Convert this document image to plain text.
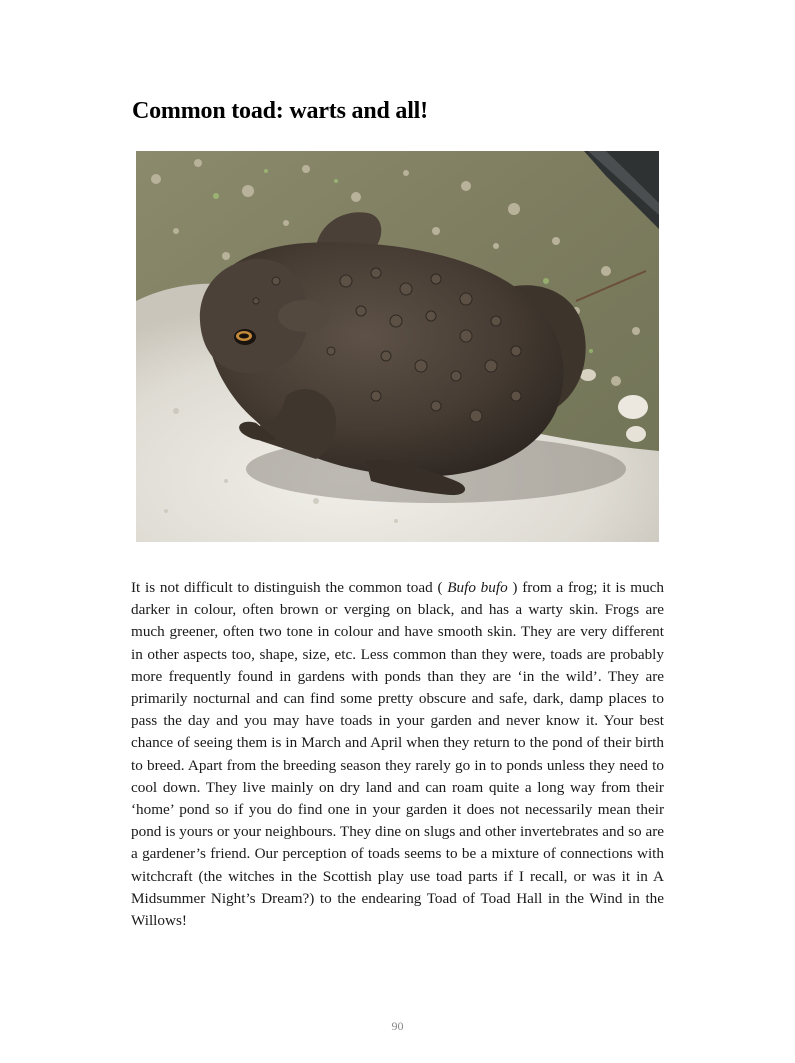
Common toad: warts and all!

It is not difficult to distinguish the common toad ( Bufo bufo ) from a frog; it is much darker in colour, often brown or verging on black, and has a warty skin. Frogs are much greener, often two tone in colour and have smooth skin. They are very different in other aspects too, shape, size, etc. Less common than they were, toads are probably more frequently found in gardens with ponds than they are ‘in the wild’. They are primarily nocturnal and can find some pretty obscure and safe, dark, damp places to pass the day and you may have toads in your garden and never know it. Your best chance of seeing them is in March and April when they return to the pond of their birth to breed. Apart from the breeding season they rarely go in to ponds unless they need to cool down. They live mainly on dry land and can roam quite a long way from their ‘home’ pond so if you do find one in your garden it does not necessarily mean their pond is yours or your neighbours. They dine on slugs and other invertebrates and so are a gardener’s friend. Our perception of toads seems to be a mixture of connections with witchcraft (the witches in the Scottish play use toad parts if I recall, or was it in A Midsummer Night’s Dream?) to the endearing Toad of Toad Hall in the Wind in the Willows!

90
